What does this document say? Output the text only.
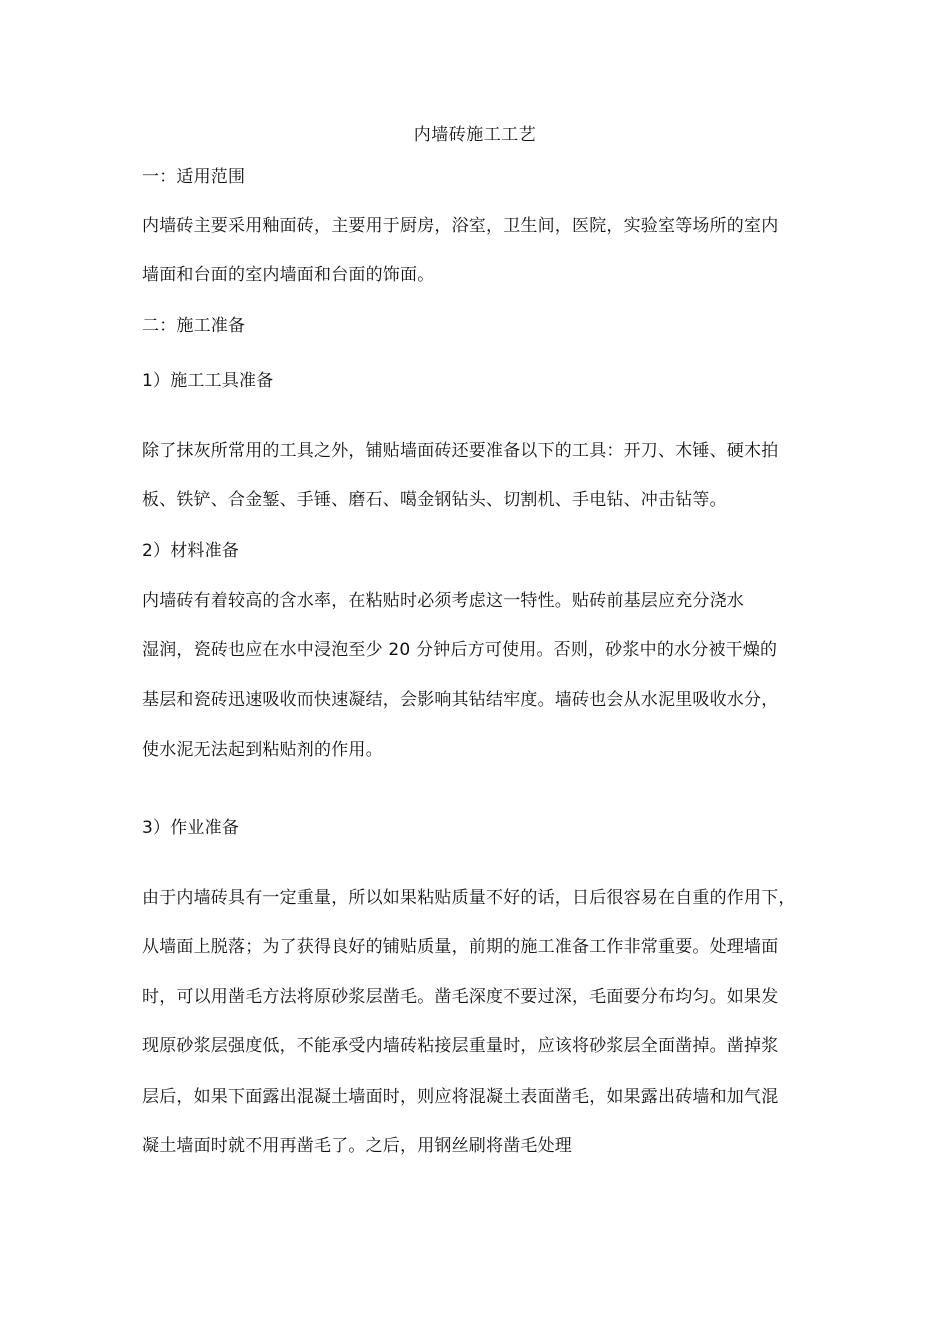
内墙砖施工工艺
一：适用范围
内墙砖主要采用釉面砖，主要用于厨房，浴室，卫生间，医院，实验室等场所的室内
墙面和台面的室内墙面和台面的饰面。
二：施工准备
1）施工工具准备
除了抹灰所常用的工具之外，铺贴墙面砖还要准备以下的工具：开刀、木锤、硬木拍
板、铁铲、合金錾、手锤、磨石、噶金钢钻头、切割机、手电钻、冲击钻等。
2）材料准备
内墙砖有着较高的含水率，在粘贴时必须考虑这一特性。贴砖前基层应充分浇水
湿润，瓷砖也应在水中浸泡至少 20 分钟后方可使用。否则，砂浆中的水分被干燥的
基层和瓷砖迅速吸收而快速凝结，会影响其钻结牢度。墙砖也会从水泥里吸收水分，
使水泥无法起到粘贴剂的作用。
3）作业准备
由于内墙砖具有一定重量，所以如果粘贴质量不好的话，日后很容易在自重的作用下，
从墙面上脱落；为了获得良好的铺贴质量，前期的施工准备工作非常重要。处理墙面
时，可以用凿毛方法将原砂浆层凿毛。凿毛深度不要过深，毛面要分布均匀。如果发
现原砂浆层强度低，不能承受内墙砖粘接层重量时，应该将砂浆层全面凿掉。凿掉浆
层后，如果下面露出混凝土墙面时，则应将混凝土表面凿毛，如果露出砖墙和加气混
凝土墙面时就不用再凿毛了。之后，用钢丝刷将凿毛处理
